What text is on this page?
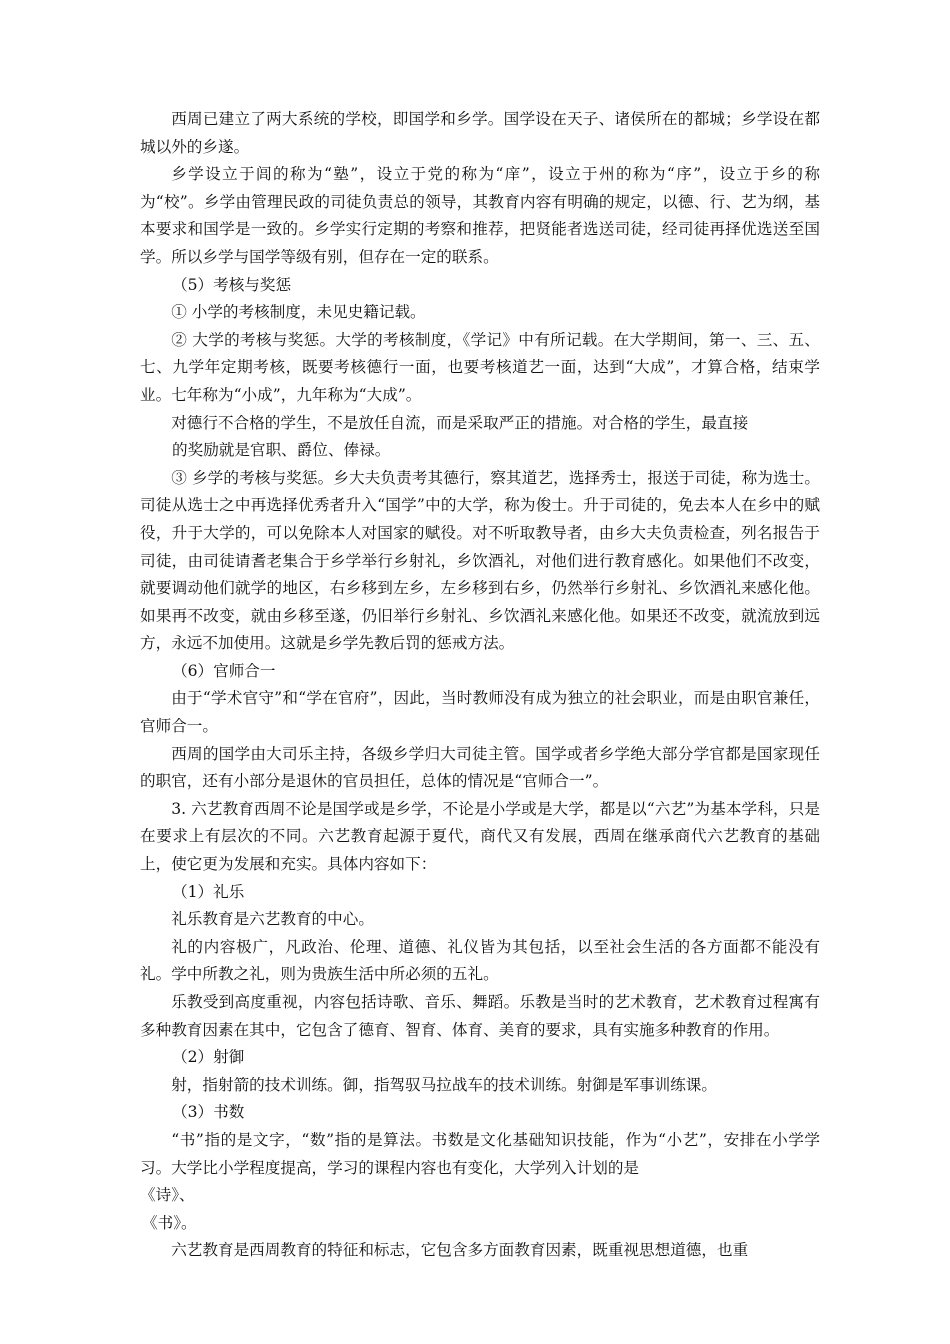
西周已建立了两大系统的学校，即国学和乡学。国学设在天子、诸侯所在的都城；乡学设在都城以外的乡遂。

乡学设立于闾的称为“塾”，设立于党的称为“庠”，设立于州的称为“序”，设立于乡的称为“校”。乡学由管理民政的司徒负责总的领导，其教育内容有明确的规定，以德、行、艺为纲，基本要求和国学是一致的。乡学实行定期的考察和推荐，把贤能者选送司徒，经司徒再择优选送至国学。所以乡学与国学等级有别，但存在一定的联系。

（5）考核与奖惩

① 小学的考核制度，未见史籍记载。

② 大学的考核与奖惩。大学的考核制度，《学记》中有所记载。在大学期间，第一、三、五、七、九学年定期考核，既要考核德行一面，也要考核道艺一面，达到“大成”，才算合格，结束学业。七年称为“小成”，九年称为“大成”。

对德行不合格的学生，不是放任自流，而是采取严正的措施。对合格的学生，最直接

的奖励就是官职、爵位、俸禄。

③ 乡学的考核与奖惩。乡大夫负责考其德行，察其道艺，选择秀士，报送于司徒，称为选士。司徒从选士之中再选择优秀者升入“国学”中的大学，称为俊士。升于司徒的，免去本人在乡中的赋役，升于大学的，可以免除本人对国家的赋役。对不听取教导者，由乡大夫负责检查，列名报告于司徒，由司徒请耆老集合于乡学举行乡射礼，乡饮酒礼，对他们进行教育感化。如果他们不改变，就要调动他们就学的地区，右乡移到左乡，左乡移到右乡，仍然举行乡射礼、乡饮酒礼来感化他。如果再不改变，就由乡移至遂，仍旧举行乡射礼、乡饮酒礼来感化他。如果还不改变，就流放到远方，永远不加使用。这就是乡学先教后罚的惩戒方法。

（6）官师合一

由于“学术官守”和“学在官府”，因此，当时教师没有成为独立的社会职业，而是由职官兼任，官师合一。

西周的国学由大司乐主持，各级乡学归大司徒主管。国学或者乡学绝大部分学官都是国家现任的职官，还有小部分是退休的官员担任，总体的情况是“官师合一”。

3. 六艺教育西周不论是国学或是乡学，不论是小学或是大学，都是以“六艺”为基本学科，只是在要求上有层次的不同。六艺教育起源于夏代，商代又有发展，西周在继承商代六艺教育的基础上，使它更为发展和充实。具体内容如下：

（1）礼乐

礼乐教育是六艺教育的中心。

礼的内容极广，凡政治、伦理、道德、礼仪皆为其包括，以至社会生活的各方面都不能没有礼。学中所教之礼，则为贵族生活中所必须的五礼。

乐教受到高度重视，内容包括诗歌、音乐、舞蹈。乐教是当时的艺术教育，艺术教育过程寓有多种教育因素在其中，它包含了德育、智育、体育、美育的要求，具有实施多种教育的作用。

（2）射御

射，指射箭的技术训练。御，指驾驭马拉战车的技术训练。射御是军事训练课。

（3）书数

“书”指的是文字，“数”指的是算法。书数是文化基础知识技能，作为“小艺”，安排在小学学习。大学比小学程度提高，学习的课程内容也有变化，大学列入计划的是

《诗》、

《书》。

六艺教育是西周教育的特征和标志，它包含多方面教育因素，既重视思想道德，也重
